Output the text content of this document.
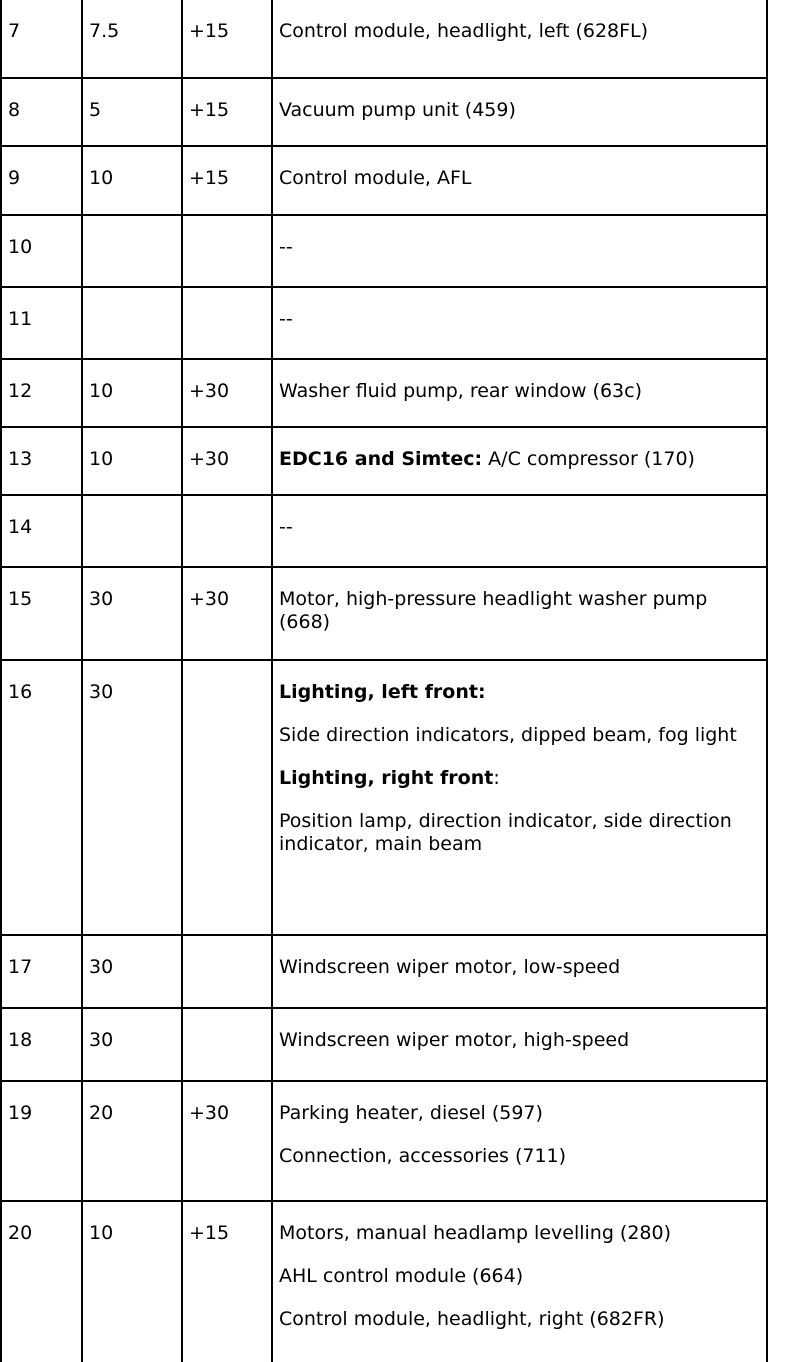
7	7.5	+15	Control module, headlight, left (628FL)

8	5	+15	Vacuum pump unit (459)

9	10	+15	Control module, AFL

10			--

11			--

12	10	+30	Washer fluid pump, rear window (63c)

13	10	+30	EDC16 and Simtec: A/C compressor (170)

14			--

15	30	+30	Motor, high-pressure headlight washer pump (668)

16	30		Lighting, left front:

Side direction indicators, dipped beam, fog light

Lighting, right front:

Position lamp, direction indicator, side direction indicator, main beam

17	30		Windscreen wiper motor, low-speed

18	30		Windscreen wiper motor, high-speed

19	20	+30	Parking heater, diesel (597)

Connection, accessories (711)

20	10	+15	Motors, manual headlamp levelling (280)

AHL control module (664)

Control module, headlight, right (682FR)
